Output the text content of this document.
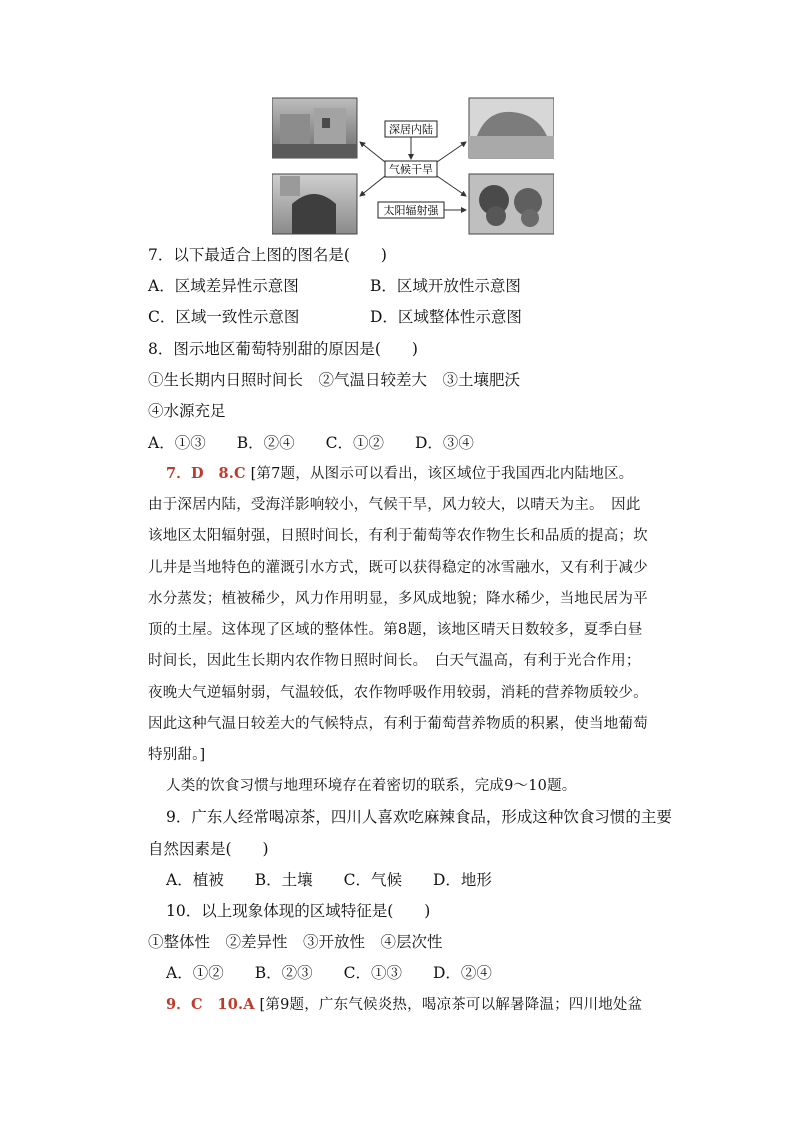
深居内陆
气候干旱
太阳辐射强
7．以下最适合上图的图名是(　　)
A．区域差异性示意图	B．区域开放性示意图
C．区域一致性示意图	D．区域整体性示意图
8．图示地区葡萄特别甜的原因是(　　)
①生长期内日照时间长　②气温日较差大　③土壤肥沃
④水源充足
A．①③　　B．②④　　C．①②　　D．③④
7．D　8.C [第7题，从图示可以看出，该区域位于我国西北内陆地区。
由于深居内陆，受海洋影响较小，气候干旱，风力较大，以晴天为主。　因此
该地区太阳辐射强，日照时间长，有利于葡萄等农作物生长和品质的提高；坎
儿井是当地特色的灌溉引水方式，既可以获得稳定的冰雪融水，又有利于减少
水分蒸发；植被稀少，风力作用明显，多风成地貌；降水稀少，当地民居为平
顶的土屋。这体现了区域的整体性。第8题，该地区晴天日数较多，夏季白昼
时间长，因此生长期内农作物日照时间长。　白天气温高，有利于光合作用；
夜晚大气逆辐射弱，气温较低，农作物呼吸作用较弱，消耗的营养物质较少。
因此这种气温日较差大的气候特点，有利于葡萄营养物质的积累，使当地葡萄
特别甜。]
人类的饮食习惯与地理环境存在着密切的联系，完成9～10题。
9．广东人经常喝凉茶，四川人喜欢吃麻辣食品，形成这种饮食习惯的主要
自然因素是(　　)
A．植被　　B．土壤　　C．气候　　D．地形
10．以上现象体现的区域特征是(　　)
①整体性　②差异性　③开放性　④层次性
A．①②　　B．②③　　C．①③　　D．②④
9．C　10.A [第9题，广东气候炎热，喝凉茶可以解暑降温；四川地处盆
